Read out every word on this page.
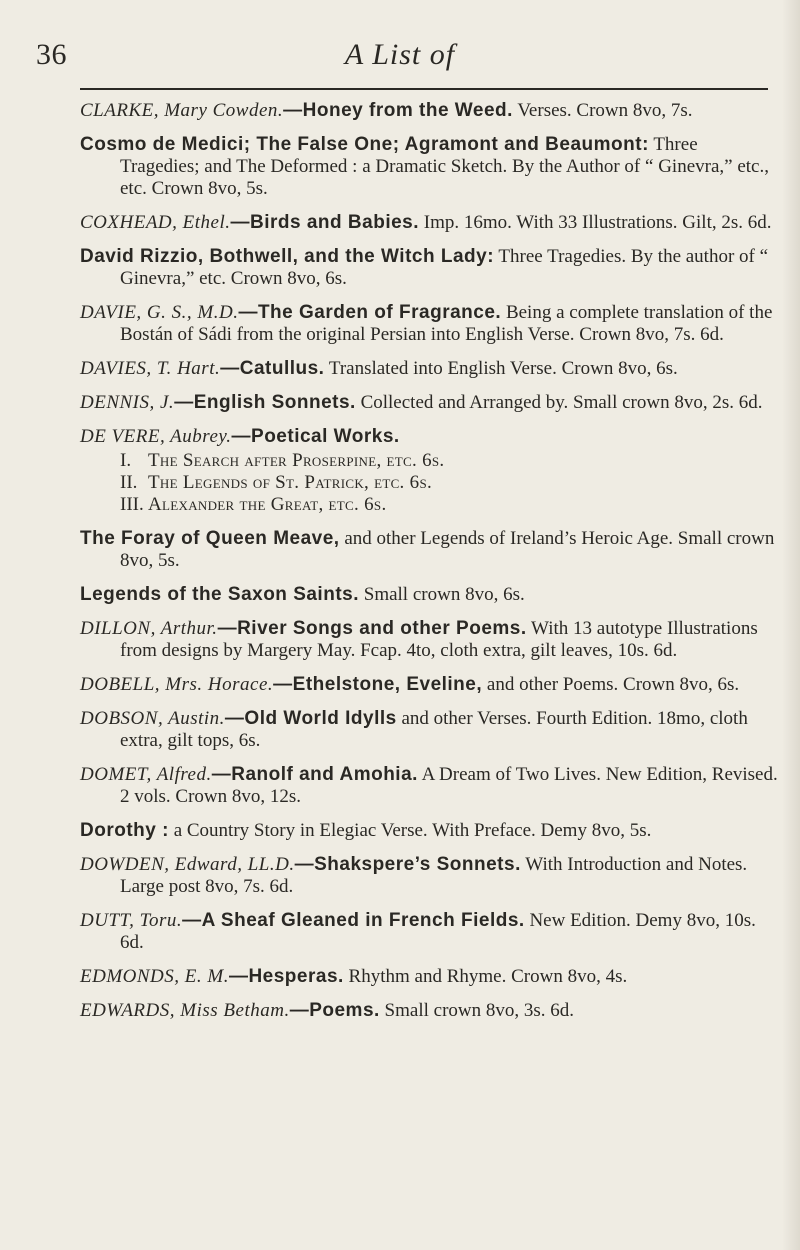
36	A List of
CLARKE, Mary Cowden.—Honey from the Weed. Verses. Crown 8vo, 7s.
Cosmo de Medici; The False One; Agramont and Beaumont: Three Tragedies; and The Deformed : a Dramatic Sketch. By the Author of “ Ginevra,” etc., etc. Crown 8vo, 5s.
COXHEAD, Ethel.—Birds and Babies. Imp. 16mo. With 33 Illustrations. Gilt, 2s. 6d.
David Rizzio, Bothwell, and the Witch Lady: Three Tragedies. By the author of “ Ginevra,” etc. Crown 8vo, 6s.
DAVIE, G. S., M.D.—The Garden of Fragrance. Being a complete translation of the Bostán of Sádi from the original Persian into English Verse. Crown 8vo, 7s. 6d.
DAVIES, T. Hart.—Catullus. Translated into English Verse. Crown 8vo, 6s.
DENNIS, J.—English Sonnets. Collected and Arranged by. Small crown 8vo, 2s. 6d.
DE VERE, Aubrey.—Poetical Works.
I. The Search after Proserpine, etc. 6s.
II. The Legends of St. Patrick, etc. 6s.
III. Alexander the Great, etc. 6s.
The Foray of Queen Meave, and other Legends of Ireland’s Heroic Age. Small crown 8vo, 5s.
Legends of the Saxon Saints. Small crown 8vo, 6s.
DILLON, Arthur.—River Songs and other Poems. With 13 autotype Illustrations from designs by Margery May. Fcap. 4to, cloth extra, gilt leaves, 10s. 6d.
DOBELL, Mrs. Horace.—Ethelstone, Eveline, and other Poems. Crown 8vo, 6s.
DOBSON, Austin.—Old World Idylls and other Verses. Fourth Edition. 18mo, cloth extra, gilt tops, 6s.
DOMET, Alfred.—Ranolf and Amohia. A Dream of Two Lives. New Edition, Revised. 2 vols. Crown 8vo, 12s.
Dorothy : a Country Story in Elegiac Verse. With Preface. Demy 8vo, 5s.
DOWDEN, Edward, LL.D.—Shakspere’s Sonnets. With Introduction and Notes. Large post 8vo, 7s. 6d.
DUTT, Toru.—A Sheaf Gleaned in French Fields. New Edition. Demy 8vo, 10s. 6d.
EDMONDS, E. M.—Hesperas. Rhythm and Rhyme. Crown 8vo, 4s.
EDWARDS, Miss Betham.—Poems. Small crown 8vo, 3s. 6d.
